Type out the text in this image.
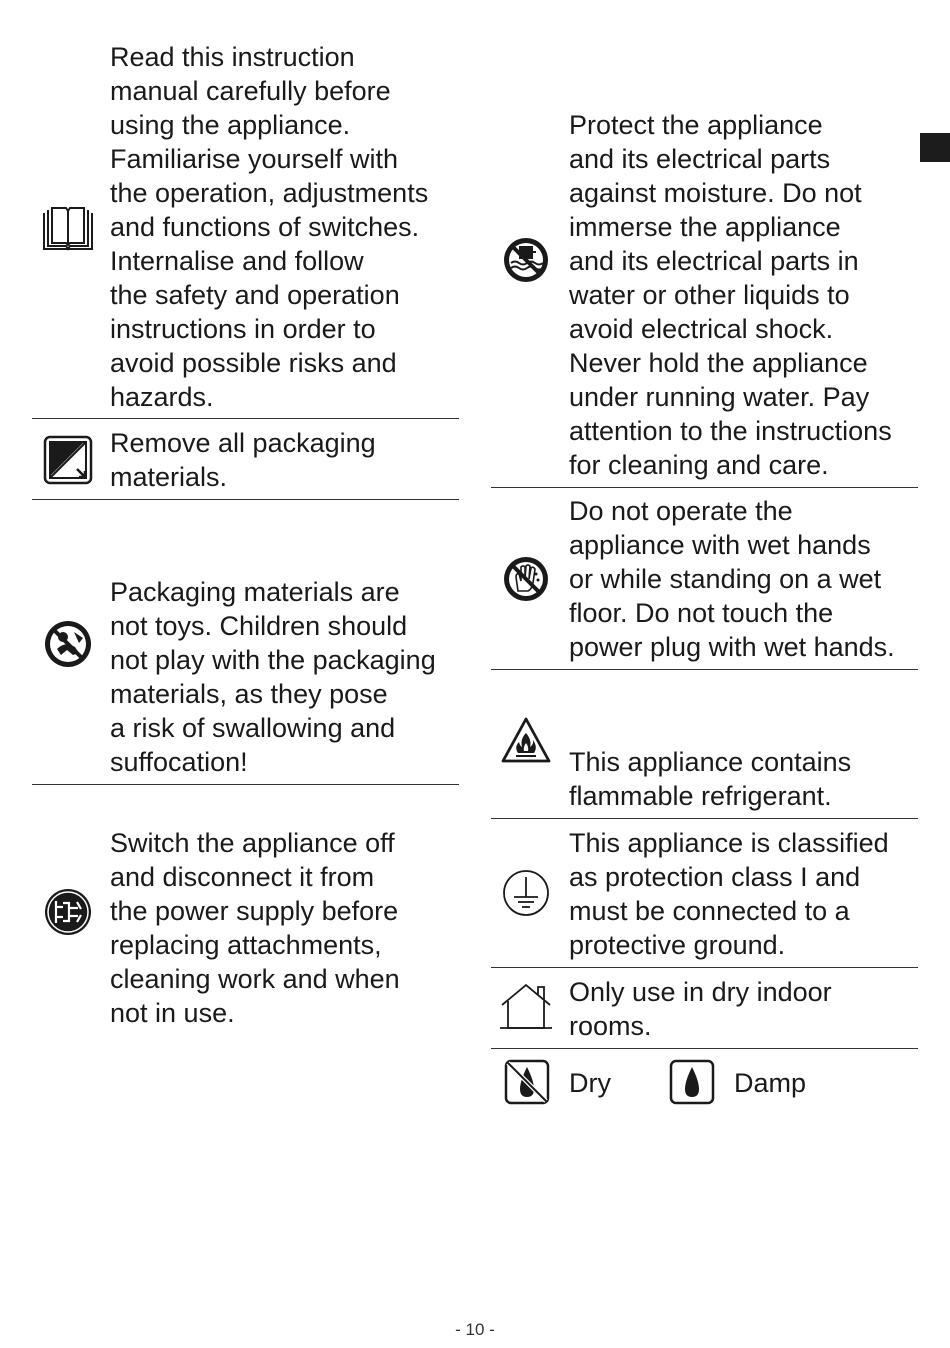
Read this instruction
manual carefully before
using the appliance.
Familiarise yourself with
the operation, adjustments
and functions of switches.
Internalise and follow
the safety and operation
instructions in order to
avoid possible risks and
hazards.
Remove all packaging
materials.
Packaging materials are
not toys. Children should
not play with the packaging
materials, as they pose
a risk of swallowing and
suffocation!
Switch the appliance off
and disconnect it from
the power supply before
replacing attachments,
cleaning work and when
not in use.
Protect the appliance
and its electrical parts
against moisture. Do not
immerse the appliance
and its electrical parts in
water or other liquids to
avoid electrical shock.
Never hold the appliance
under running water. Pay
attention to the instructions
for cleaning and care.
Do not operate the
appliance with wet hands
or while standing on a wet
floor. Do not touch the
power plug with wet hands.
This appliance contains
flammable refrigerant.
This appliance is classified
as protection class I and
must be connected to a
protective ground.
Only use in dry indoor
rooms.
Dry	Damp
- 10 -
